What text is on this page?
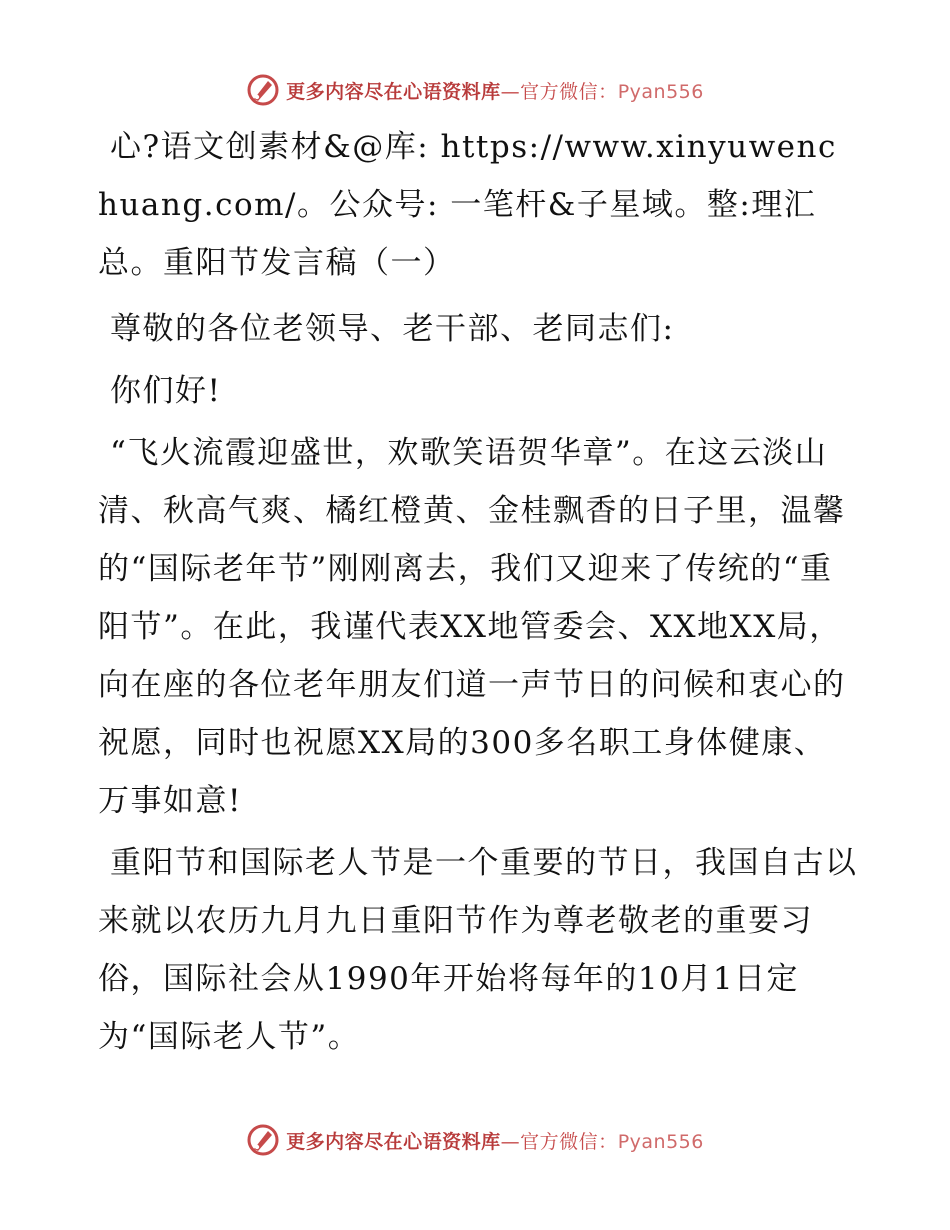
更多内容尽在心语资料库—官方微信：Pyan556

心?语文创素材&@库: https://www.xinyuwenchuang.com/。公众号: 一笔杆&子星域。整:理汇总。重阳节发言稿（一）

尊敬的各位老领导、老干部、老同志们:

你们好!

“飞火流霞迎盛世，欢歌笑语贺华章”。在这云淡山清、秋高气爽、橘红橙黄、金桂飘香的日子里，温馨的“国际老年节”刚刚离去，我们又迎来了传统的“重阳节”。在此，我谨代表XX地管委会、XX地XX局，向在座的各位老年朋友们道一声节日的问候和衷心的祝愿，同时也祝愿XX局的300多名职工身体健康、万事如意!

重阳节和国际老人节是一个重要的节日，我国自古以来就以农历九月九日重阳节作为尊老敬老的重要习俗，国际社会从1990年开始将每年的10月1日定为“国际老人节”。

更多内容尽在心语资料库—官方微信：Pyan556
